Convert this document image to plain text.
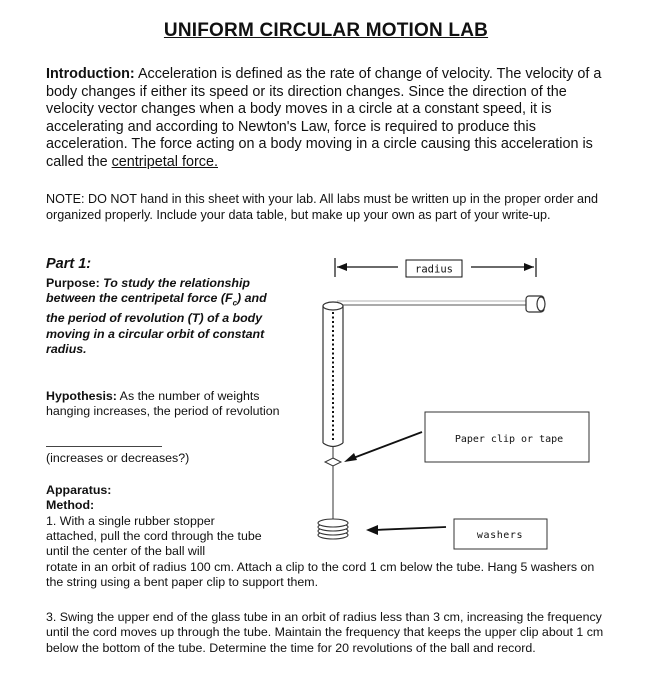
UNIFORM CIRCULAR MOTION LAB
Introduction: Acceleration is defined as the rate of change of velocity. The velocity of a body changes if either its speed or its direction changes. Since the direction of the velocity vector changes when a body moves in a circle at a constant speed, it is accelerating and according to Newton's Law, force is required to produce this acceleration. The force acting on a body moving in a circle causing this acceleration is called the centripetal force.
NOTE: DO NOT hand in this sheet with your lab. All labs must be written up in the proper order and organized properly. Include your data table, but make up your own as part of your write-up.
Part 1:
Purpose: To study the relationship between the centripetal force $(F_c)$ and the period of revolution (T) of a body moving in a circular orbit of constant radius.
Hypothesis: As the number of weights hanging increases, the period of revolution
(increases or decreases?)
Apparatus:
Method:
1. With a single rubber stopper attached, pull the cord through the tube until the center of the ball will
rotate in an orbit of radius 100 cm. Attach a clip to the cord 1 cm below the tube. Hang 5 washers on the string using a bent paper clip to support them.
3. Swing the upper end of the glass tube in an orbit of radius less than 3 cm, increasing the frequency until the cord moves up through the tube. Maintain the frequency that keeps the upper clip about 1 cm below the bottom of the tube. Determine the time for 20 revolutions of the ball and record.
radius
Paper clip or tape
washers
